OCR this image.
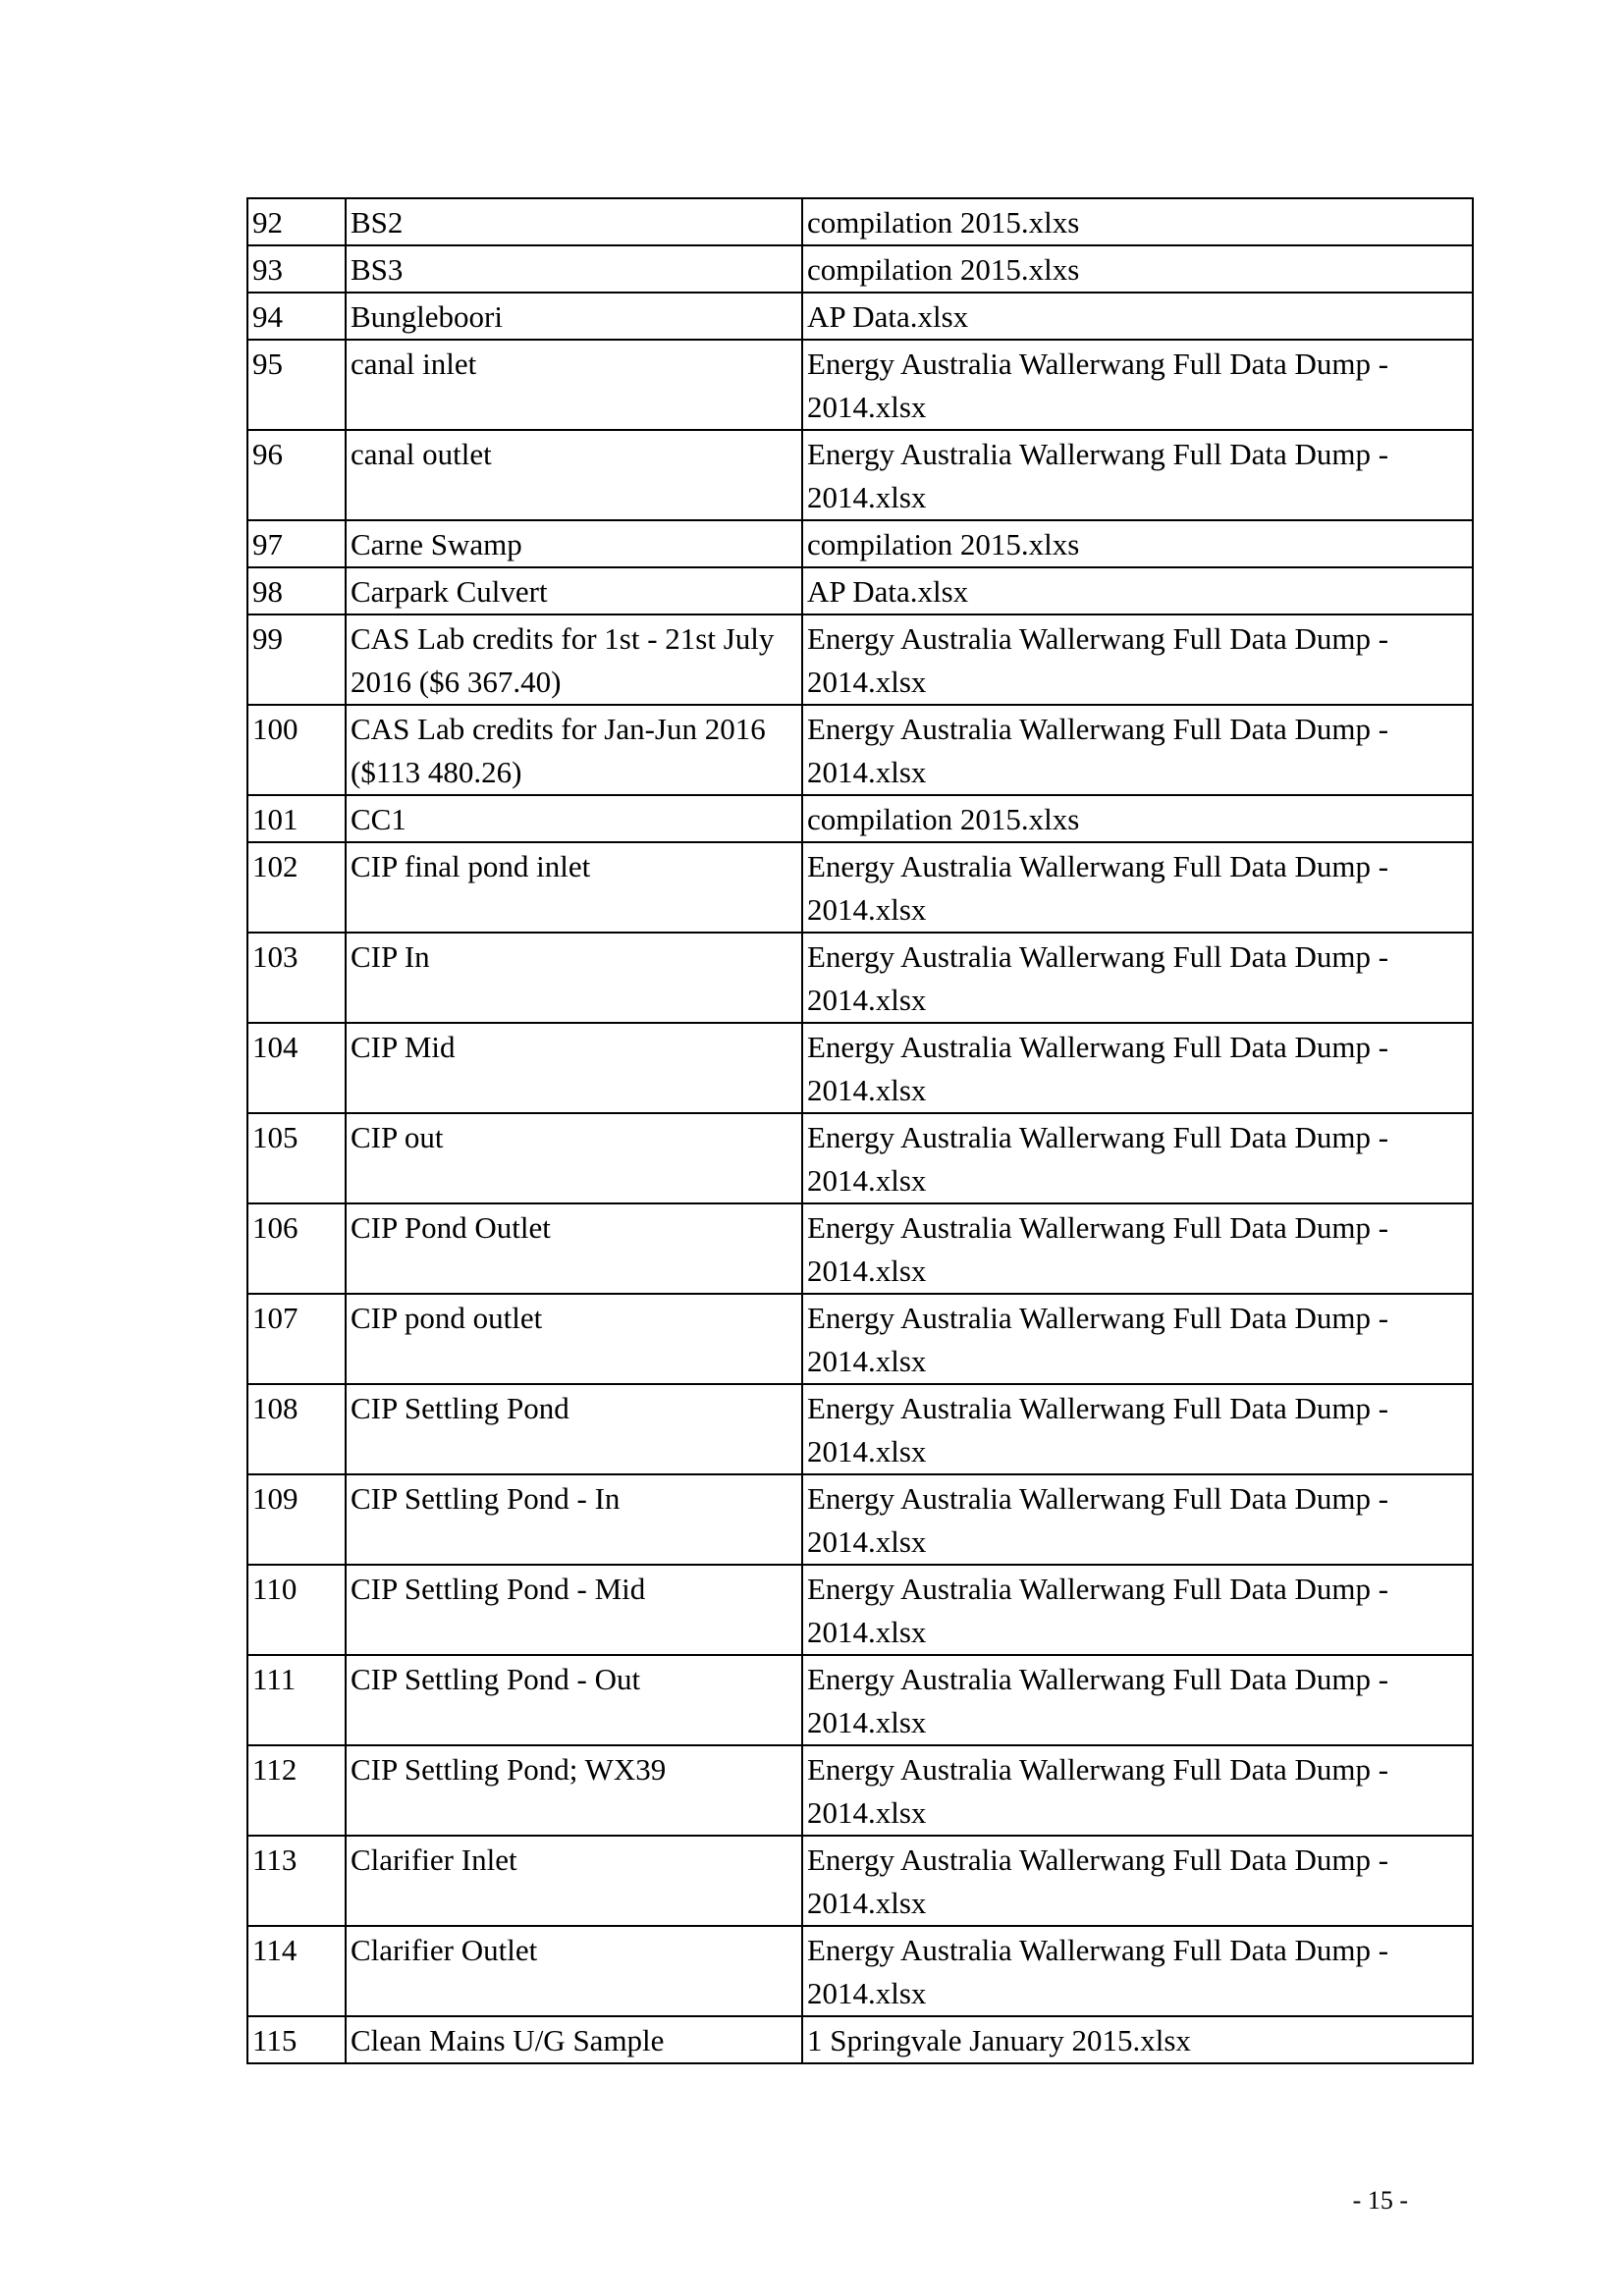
92	BS2	compilation 2015.xlxs
93	BS3	compilation 2015.xlxs
94	Bungleboori	AP Data.xlsx
95	canal inlet	Energy Australia Wallerwang Full Data Dump - 2014.xlsx
96	canal outlet	Energy Australia Wallerwang Full Data Dump - 2014.xlsx
97	Carne Swamp	compilation 2015.xlxs
98	Carpark Culvert	AP Data.xlsx
99	CAS Lab credits for 1st - 21st July 2016 ($6 367.40)	Energy Australia Wallerwang Full Data Dump - 2014.xlsx
100	CAS Lab credits for Jan-Jun 2016 ($113 480.26)	Energy Australia Wallerwang Full Data Dump - 2014.xlsx
101	CC1	compilation 2015.xlxs
102	CIP final pond inlet	Energy Australia Wallerwang Full Data Dump - 2014.xlsx
103	CIP In	Energy Australia Wallerwang Full Data Dump - 2014.xlsx
104	CIP Mid	Energy Australia Wallerwang Full Data Dump - 2014.xlsx
105	CIP out	Energy Australia Wallerwang Full Data Dump - 2014.xlsx
106	CIP Pond Outlet	Energy Australia Wallerwang Full Data Dump - 2014.xlsx
107	CIP pond outlet	Energy Australia Wallerwang Full Data Dump - 2014.xlsx
108	CIP Settling Pond	Energy Australia Wallerwang Full Data Dump - 2014.xlsx
109	CIP Settling Pond - In	Energy Australia Wallerwang Full Data Dump - 2014.xlsx
110	CIP Settling Pond - Mid	Energy Australia Wallerwang Full Data Dump - 2014.xlsx
111	CIP Settling Pond - Out	Energy Australia Wallerwang Full Data Dump - 2014.xlsx
112	CIP Settling Pond; WX39	Energy Australia Wallerwang Full Data Dump - 2014.xlsx
113	Clarifier Inlet	Energy Australia Wallerwang Full Data Dump - 2014.xlsx
114	Clarifier Outlet	Energy Australia Wallerwang Full Data Dump - 2014.xlsx
115	Clean Mains U/G Sample	1 Springvale January 2015.xlsx
- 15 -
